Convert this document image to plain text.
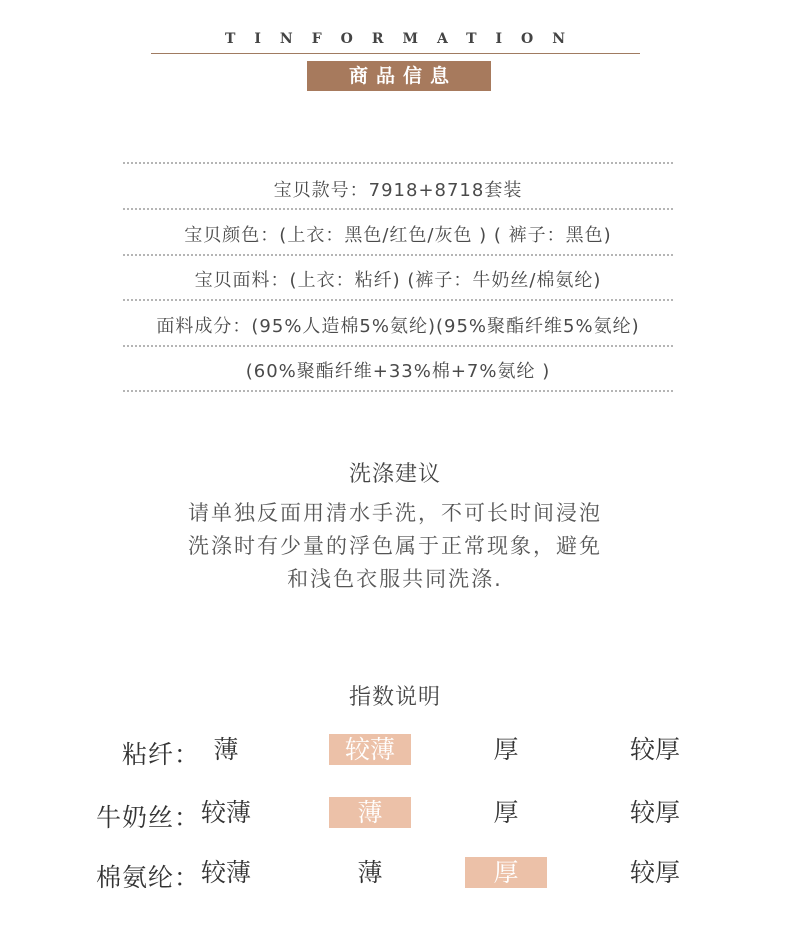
TINFORMATION
商品信息
宝贝款号：7918+8718套装
宝贝颜色：(上衣：黑色/红色/灰色 ) ( 裤子：黑色)
宝贝面料：(上衣：粘纤) (裤子：牛奶丝/棉氨纶)
面料成分：(95%人造棉5%氨纶)(95%聚酯纤维5%氨纶)
(60%聚酯纤维+33%棉+7%氨纶 )
洗涤建议
请单独反面用清水手洗，不可长时间浸泡
洗涤时有少量的浮色属于正常现象，避免
和浅色衣服共同洗涤.
指数说明
粘纤： 薄	较薄	厚	较厚
牛奶丝： 较薄	薄	厚	较厚
棉氨纶： 较薄	薄	厚	较厚
